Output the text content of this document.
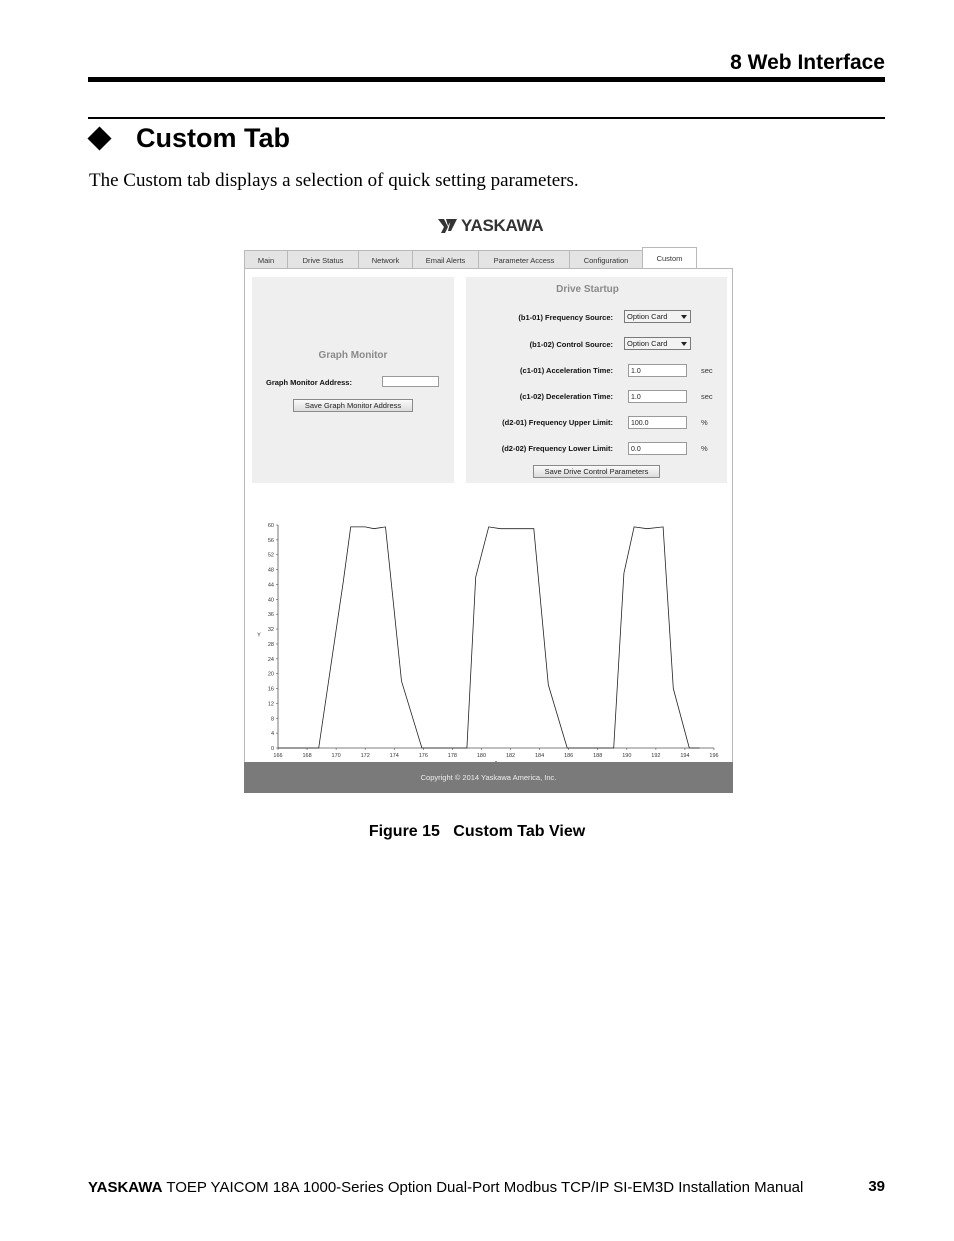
8 Web Interface
Custom Tab
The Custom tab displays a selection of quick setting parameters.
YASKAWA
Main	Drive Status	Network	Email Alerts	Parameter Access	Configuration	Custom
Graph Monitor
Graph Monitor Address:
Save Graph Monitor Address
Drive Startup
(b1-01) Frequency Source:	Option Card
(b1-02) Control Source:	Option Card
(c1-01) Acceleration Time:	1.0	sec
(c1-02) Deceleration Time:	1.0	sec
(d2-01) Frequency Upper Limit:	100.0	%
(d2-02) Frequency Lower Limit:	0.0	%
Save Drive Control Parameters
0
4
8
12
16
20
24
28
32
36
40
44
48
52
56
60
166	168	170	172	174	176	178	180	182	184	186	188	190	192	194	196
Y
Copyright © 2014 Yaskawa America, Inc.
Figure 15 Custom Tab View
YASKAWA TOEP YAICOM 18A 1000-Series Option Dual-Port Modbus TCP/IP SI-EM3D Installation Manual	39
